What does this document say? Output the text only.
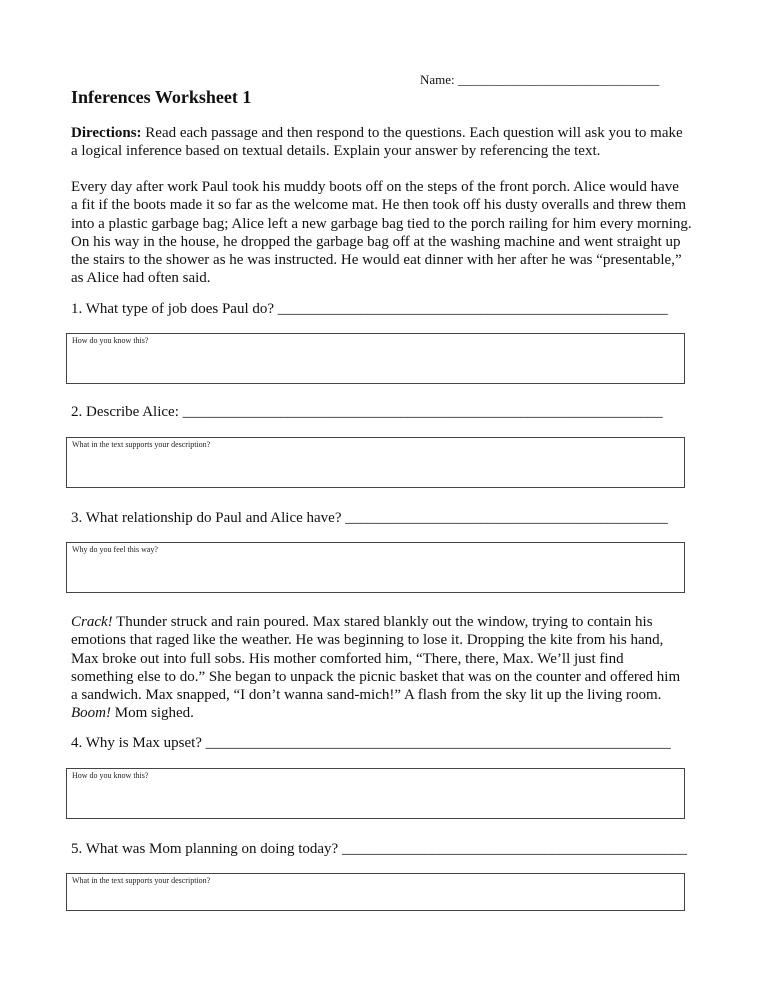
Name: _______________________________
Inferences Worksheet 1

Directions: Read each passage and then respond to the questions. Each question will ask you to make
a logical inference based on textual details. Explain your answer by referencing the text.

Every day after work Paul took his muddy boots off on the steps of the front porch. Alice would have
a fit if the boots made it so far as the welcome mat. He then took off his dusty overalls and threw them
into a plastic garbage bag; Alice left a new garbage bag tied to the porch railing for him every morning.
On his way in the house, he dropped the garbage bag off at the washing machine and went straight up
the stairs to the shower as he was instructed. He would eat dinner with her after he was “presentable,”
as Alice had often said.

1. What type of job does Paul do? ____________________________________________________
How do you know this?
2. Describe Alice: ________________________________________________________________
What in the text supports your description?
3. What relationship do Paul and Alice have? ___________________________________________
Why do you feel this way?

Crack! Thunder struck and rain poured. Max stared blankly out the window, trying to contain his
emotions that raged like the weather. He was beginning to lose it. Dropping the kite from his hand,
Max broke out into full sobs. His mother comforted him, “There, there, Max. We’ll just find
something else to do.” She began to unpack the picnic basket that was on the counter and offered him
a sandwich. Max snapped, “I don’t wanna sand-mich!” A flash from the sky lit up the living room.
Boom! Mom sighed.

4. Why is Max upset? ______________________________________________________________
How do you know this?
5. What was Mom planning on doing today? ______________________________________________
What in the text supports your description?
